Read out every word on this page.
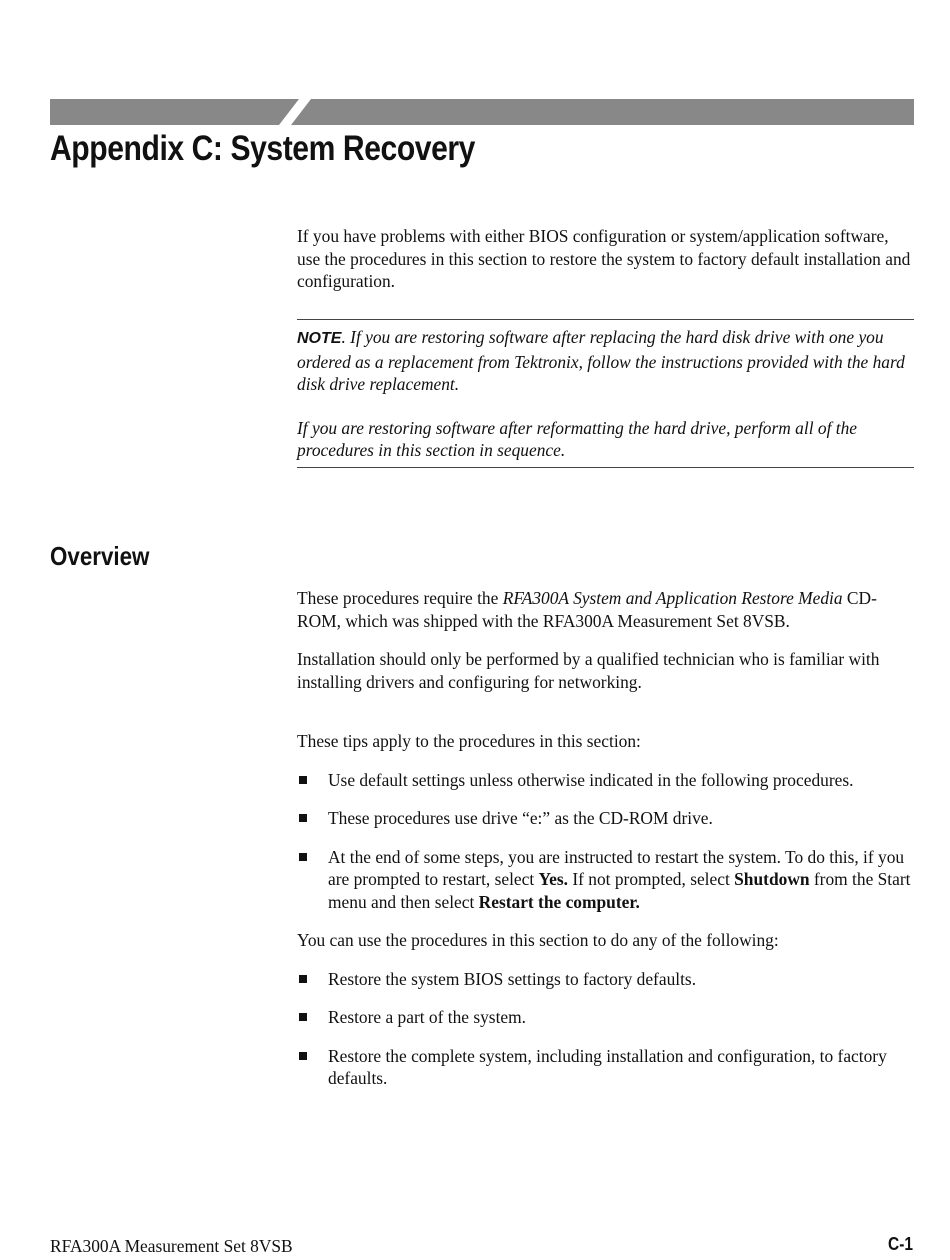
Appendix C: System Recovery

If you have problems with either BIOS configuration or system/application software, use the procedures in this section to restore the system to factory default installation and configuration.

NOTE. If you are restoring software after replacing the hard disk drive with one you ordered as a replacement from Tektronix, follow the instructions provided with the hard disk drive replacement.

If you are restoring software after reformatting the hard drive, perform all of the procedures in this section in sequence.

Overview

These procedures require the RFA300A System and Application Restore Media CD-ROM, which was shipped with the RFA300A Measurement Set 8VSB.

Installation should only be performed by a qualified technician who is familiar with installing drivers and configuring for networking.

These tips apply to the procedures in this section:

Use default settings unless otherwise indicated in the following procedures.
These procedures use drive “e:” as the CD-ROM drive.
At the end of some steps, you are instructed to restart the system. To do this, if you are prompted to restart, select Yes. If not prompted, select Shutdown from the Start menu and then select Restart the computer.

You can use the procedures in this section to do any of the following:

Restore the system BIOS settings to factory defaults.
Restore a part of the system.
Restore the complete system, including installation and configuration, to factory defaults.
RFA300A Measurement Set 8VSB	C-1
